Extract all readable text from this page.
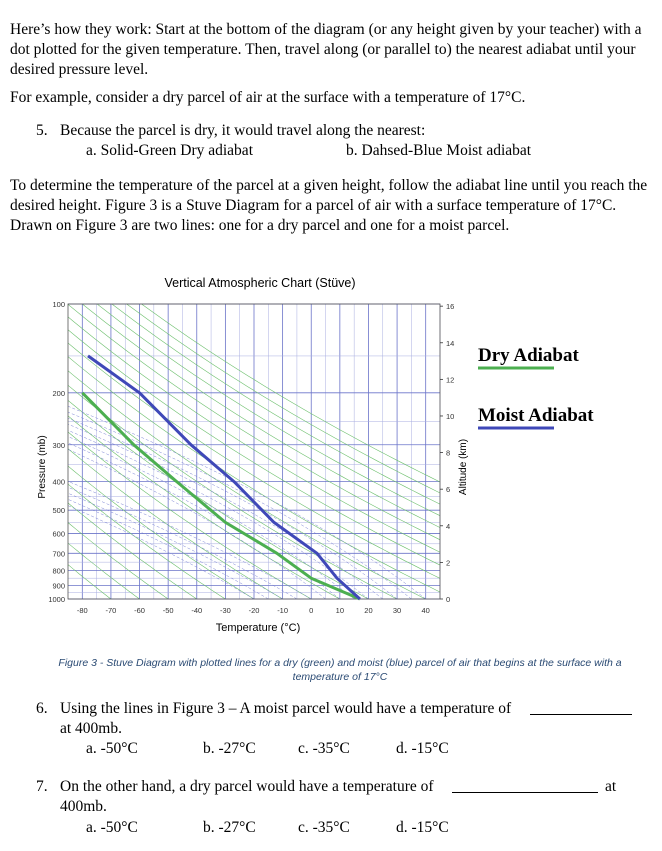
Here’s how they work: Start at the bottom of the diagram (or any height given by your teacher) with a dot plotted for the given temperature. Then, travel along (or parallel to) the nearest adiabat until your desired pressure level.
For example, consider a dry parcel of air at the surface with a temperature of 17°C.
5. Because the parcel is dry, it would travel along the nearest:
a. Solid-Green Dry adiabat	b. Dahsed-Blue Moist adiabat
To determine the temperature of the parcel at a given height, follow the adiabat line until you reach the desired height. Figure 3 is a Stuve Diagram for a parcel of air with a surface temperature of 17°C. Drawn on Figure 3 are two lines: one for a dry parcel and one for a moist parcel.
Vertical Atmospheric Chart (Stüve)
-80 -70 -60 -50 -40 -30 -20 -10	0	10	20	30	40
100
200
300
400
500
600
700
800
900
1000	0
2
4
6
8
10
12
14
16
Temperature (°C)
Pressure (mb)	Altitude (km)
Dry Adiabat
Moist Adiabat
Figure 3 - Stuve Diagram with plotted lines for a dry (green) and moist (blue) parcel of air that begins at the surface with a temperature of 17°C
6. Using the lines in Figure 3 – A moist parcel would have a temperature of
at 400mb.
a. -50°C	b. -27°C	c. -35°C	d. -15°C
7. On the other hand, a dry parcel would have a temperature of	at
400mb.
a. -50°C	b. -27°C	c. -35°C	d. -15°C
